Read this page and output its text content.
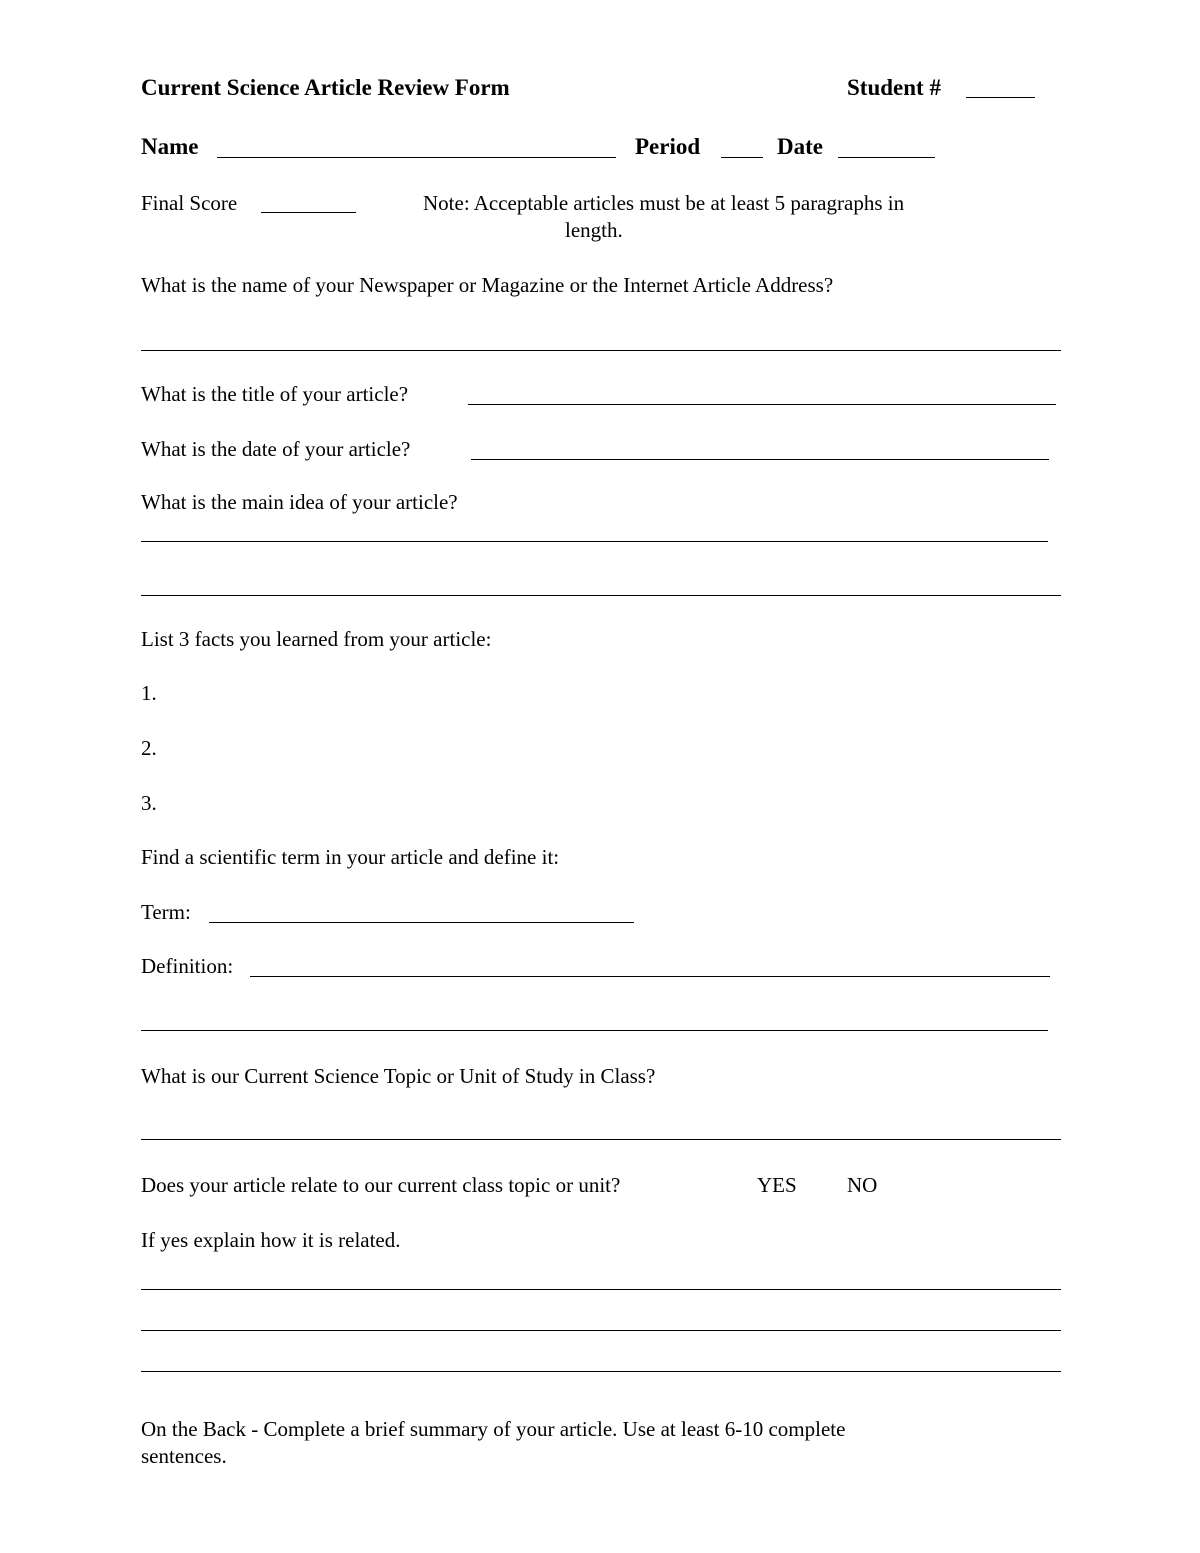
Current Science Article Review Form	Student #
Name	Period	Date
Final Score	Note: Acceptable articles must be at least 5 paragraphs in
length.
What is the name of your Newspaper or Magazine or the Internet Article Address?
What is the title of your article?
What is the date of your article?
What is the main idea of your article?
List 3 facts you learned from your article:
1.
2.
3.
Find a scientific term in your article and define it:
Term:
Definition:
What is our Current Science Topic or Unit of Study in Class?
Does your article relate to our current class topic or unit?	YES NO
If yes explain how it is related.
On the Back - Complete a brief summary of your article. Use at least 6-10 complete
sentences.
